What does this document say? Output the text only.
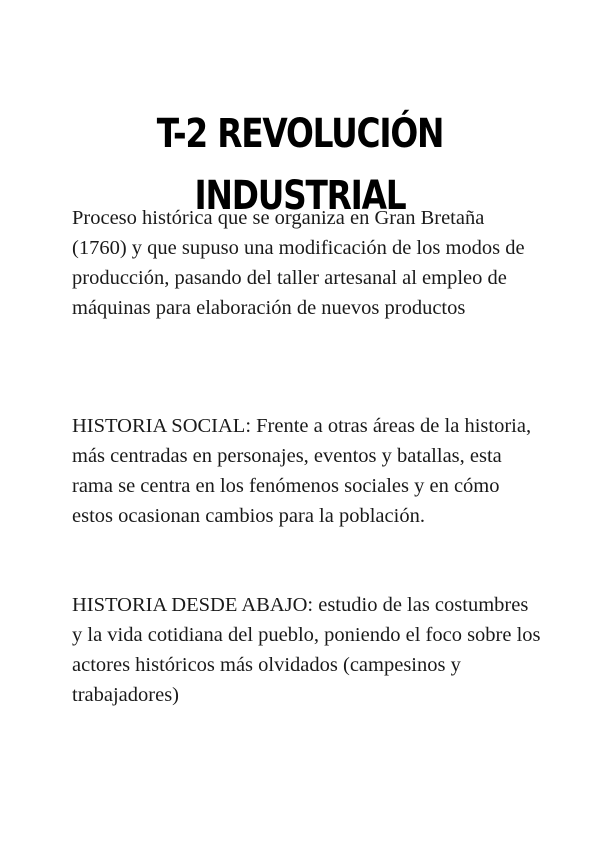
T-2 REVOLUCIÓN
INDUSTRIAL

Proceso histórica que se organiza en Gran Bretaña (1760) y que supuso una modificación de los modos de producción, pasando del taller artesanal al empleo de máquinas para elaboración de nuevos productos

HISTORIA SOCIAL: Frente a otras áreas de la historia, más centradas en personajes, eventos y batallas, esta rama se centra en los fenómenos sociales y en cómo estos ocasionan cambios para la población.

HISTORIA DESDE ABAJO: estudio de las costumbres y la vida cotidiana del pueblo, poniendo el foco sobre los actores históricos más olvidados (campesinos y trabajadores)
